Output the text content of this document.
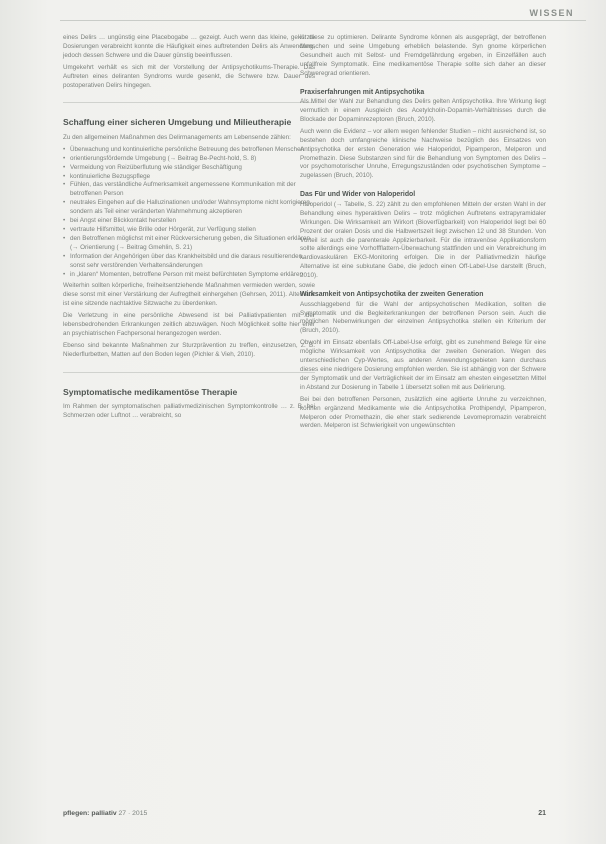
WISSEN

eines Delirs … ungünstig eine Placebogabe … gezeigt. Auch wenn das kleine, gekürzte Dosierungen verabreicht konnte die Häufigkeit eines auftretenden Delirs als Anwendung, jedoch dessen Schwere und die Dauer günstig beeinflussen.

Umgekehrt verhält es sich mit der Vorstellung der Antipsychotikums-Therapie. Das Auftreten eines deliranten Syndroms wurde gesenkt, die Schwere bzw. Dauer des postoperativen Delirs hingegen.

Schaffung einer sicheren Umgebung und Milieutherapie

Zu den allgemeinen Maßnahmen des Delirmanagements am Lebensende zählen:

• Überwachung und kontinuierliche persönliche Betreuung des betroffenen Menschen
• orientierungsfördernde Umgebung (→ Beitrag Be-Pecht-hold, S. 8)
• Vermeidung von Reizüberflutung wie ständiger Beschäftigung
• kontinuierliche Bezugspflege
• Fühlen, das verständliche Aufmerksamkeit angemessene Kommunikation mit der betroffenen Person
• neutrales Eingehen auf die Halluzinationen und/oder Wahnsymptome nicht korrigieren, sondern als Teil einer veränderten Wahrnehmung akzeptieren
• bei Angst einer Blickkontakt herstellen
• vertraute Hilfsmittel, wie Brille oder Hörgerät, zur Verfügung stellen
• den Betroffenen möglichst mit einer Rückversicherung geben, die Situationen erklären (→ Orientierung (→ Beitrag Gmehlin, S. 21)
• Information der Angehörigen über das Krankheitsbild und die daraus resultierenden, sonst sehr verstörenden Verhaltensänderungen
• in „klaren“ Momenten, betroffene Person mit meist befürchteten Symptome erklären

Weiterhin sollten körperliche, freiheitsentziehende Maßnahmen vermieden werden, sowie diese sonst mit einer Verstärkung der Aufregtheit einhergehen (Gehrsen, 2011). Alternativ ist eine sitzende nachtaktive Sitzwache zu überdenken.

Die Verletzung in eine persönliche Abwesend ist bei Palliativpatienten mit der lebensbedrohenden Erkrankungen zeitlich abzuwägen. Noch Möglichkeit sollte hier eher an psychiatrischen Fachpersonal herangezogen werden.

Ebenso sind bekannte Maßnahmen zur Sturzprävention zu treffen, einzusetzen, z. B. Niederflurbetten, Matten auf den Boden legen (Pichler & Vieh, 2010).

Symptomatische medikamentöse Therapie

Im Rahmen der symptomatischen palliativmedizinischen Symptomkontrolle … z. B. bei Schmerzen oder Luftnot … verabreicht, so

ist diese zu optimieren. Delirante Syndrome können als ausgeprägt, der betroffenen Menschen und seine Umgebung erheblich belastende. Syn gnome körperlichen Gesundheit auch mit Selbst- und Fremdgefährdung ergeben, in Einzelfällen auch unfallfreie Symptomatik. Eine medikamentöse Therapie sollte sich daher an dieser Schweregrad orientieren.

Praxiserfahrungen mit Antipsychotika

Als Mittel der Wahl zur Behandlung des Delirs gelten Antipsychotika. Ihre Wirkung liegt vermutlich in einem Ausgleich des Acetylcholin-Dopamin-Verhältnisses durch die Blockade der Dopaminrezeptoren (Bruch, 2010).

Auch wenn die Evidenz – vor allem wegen fehlender Studien – nicht ausreichend ist, so bestehen doch umfangreiche klinische Nachweise bezüglich des Einsatzes von Antipsychotika der ersten Generation wie Haloperidol, Pipamperon, Melperon und Promethazin. Diese Substanzen sind für die Behandlung von Symptomen des Delirs – vor psychomotorischer Unruhe, Erregungszuständen oder psychotischen Symptome – zugelassen (Bruch, 2010).

Das Für und Wider von Haloperidol

Haloperidol (→ Tabelle, S. 22) zählt zu den empfohlenen Mitteln der ersten Wahl in der Behandlung eines hyperaktiven Delirs – trotz möglichen Auftretens extrapyramidaler Wirkungen. Die Wirksamkeit am Wirkort (Bioverfügbarkeit) von Haloperidol liegt bei 60 Prozent der oralen Dosis und die Halbwertszeit liegt zwischen 12 und 38 Stunden. Von Vorteil ist auch die parenterale Applizierbarkeit. Für die intravenöse Applikationsform sollte allerdings eine Vorhoffflattern-Überwachung stattfinden und ein Verabreichung im kardiovaskulären EKG-Monitoring erfolgen. Die in der Palliativmedizin häufige Alternative ist eine subkutane Gabe, die jedoch einen Off-Label-Use darstellt (Bruch, 2010).

Wirksamkeit von Antipsychotika der zweiten Generation

Ausschlaggebend für die Wahl der antipsychotischen Medikation, sollten die Symptomatik und die Begleiterkrankungen der betroffenen Person sein. Auch die möglichen Nebenwirkungen der einzelnen Antipsychotika stellen ein Kriterium der (Bruch, 2010).

Obwohl im Einsatz ebenfalls Off-Label-Use erfolgt, gibt es zunehmend Belege für eine mögliche Wirksamkeit von Antipsychotika der zweiten Generation. Wegen des unterschiedlichen Cyp-Wertes, aus anderen Anwendungsgebieten kann durchaus dieses eine niedrigere Dosierung empfohlen werden. Sie ist abhängig von der Schwere der Symptomatik und der Verträglichkeit der im Einsatz am ehesten eingesetzten Mittel in Abstand zur Dosierung in Tabelle 1 übersetzt sollen mit aus Delirierung.

Bei bei den betroffenen Personen, zusätzlich eine agitierte Unruhe zu verzeichnen, können ergänzend Medikamente wie die Antipsychotika Prothipendyl, Pipamperon, Melperon oder Promethazin, die eher stark sedierende Levomepromazin verabreicht werden. Melperon ist Schwierigkeit von ungewünschten

pflegen: palliativ 27 · 2015	21
